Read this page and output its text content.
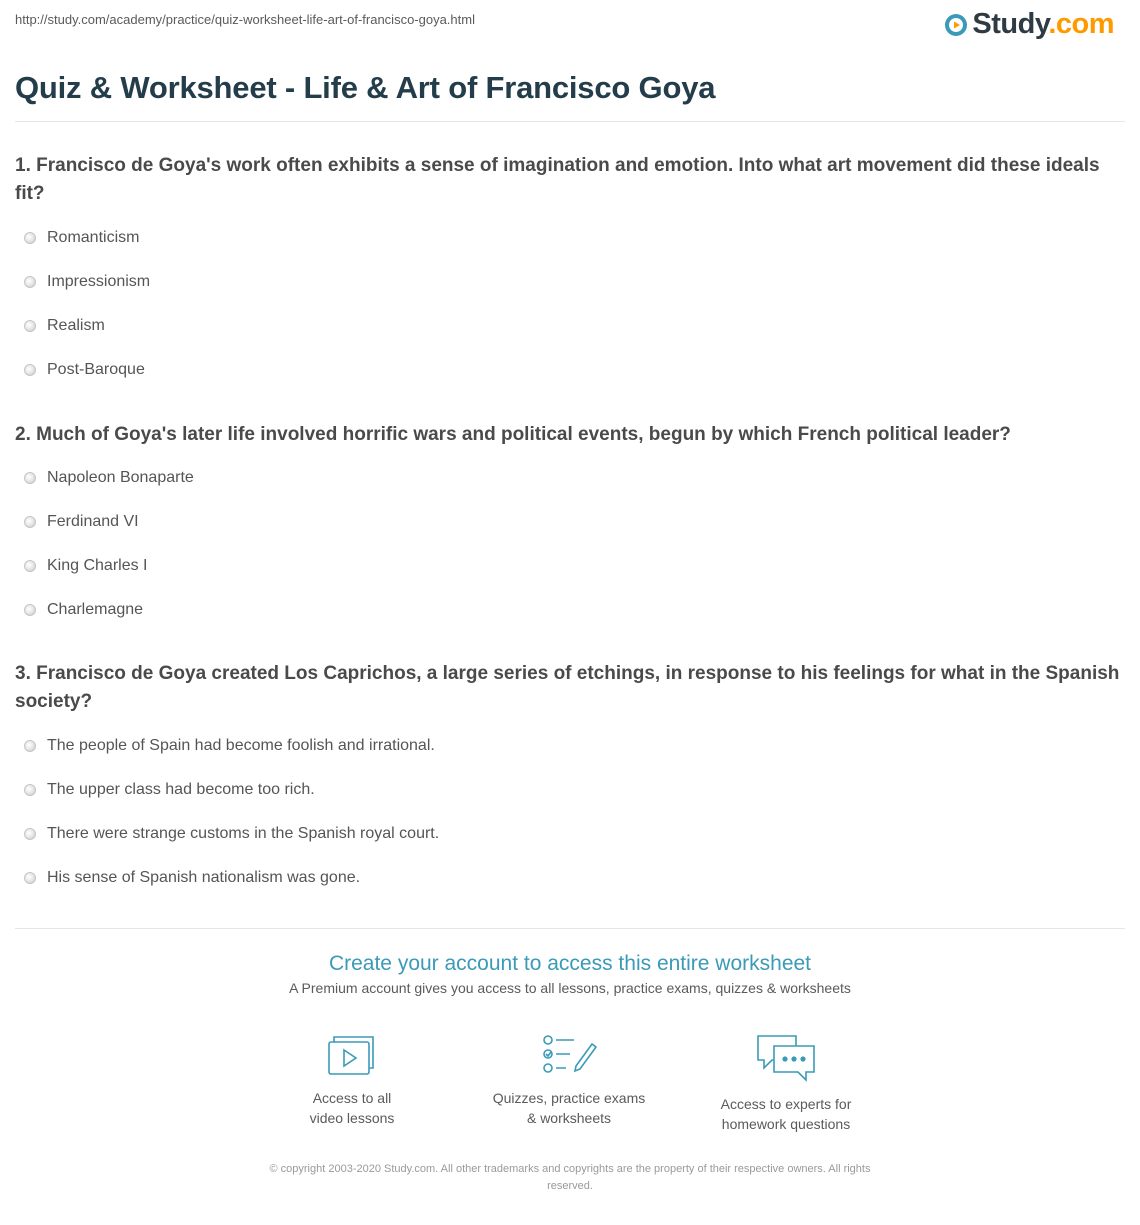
http://study.com/academy/practice/quiz-worksheet-life-art-of-francisco-goya.html	Study.com
Quiz & Worksheet - Life & Art of Francisco Goya

1. Francisco de Goya's work often exhibits a sense of imagination and emotion. Into what art movement did these ideals fit?

Romanticism
Impressionism
Realism
Post-Baroque

2. Much of Goya's later life involved horrific wars and political events, begun by which French political leader?

Napoleon Bonaparte
Ferdinand VI
King Charles I
Charlemagne

3. Francisco de Goya created Los Caprichos, a large series of etchings, in response to his feelings for what in the Spanish society?

The people of Spain had become foolish and irrational.
The upper class had become too rich.
There were strange customs in the Spanish royal court.
His sense of Spanish nationalism was gone.

Create your account to access this entire worksheet

A Premium account gives you access to all lessons, practice exams, quizzes & worksheets
Access to all
video lessons
Quizzes, practice exams
& worksheets
Access to experts for
homework questions
© copyright 2003-2020 Study.com. All other trademarks and copyrights are the property of their respective owners. All rights
reserved.
